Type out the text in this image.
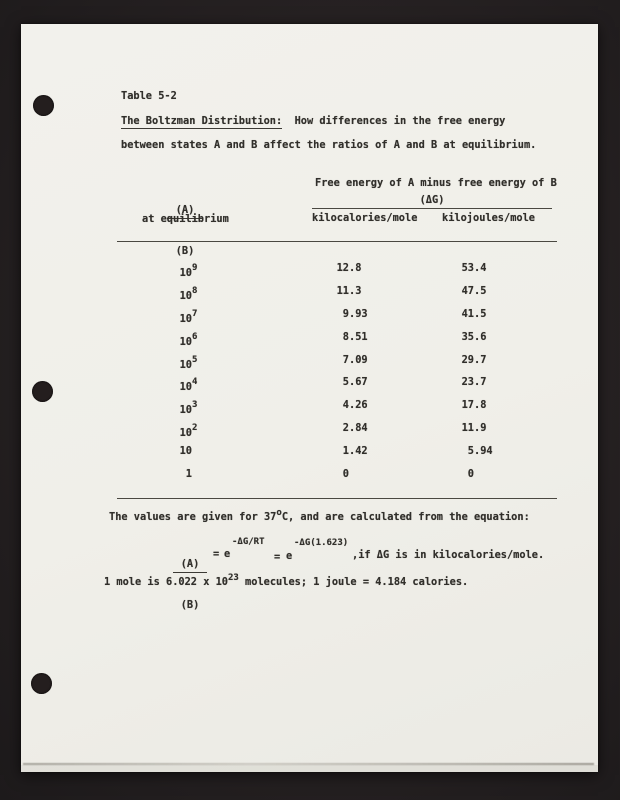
Table 5-2
The Boltzman Distribution:  How differences in the free energy
between states A and B affect the ratios of A and B at equilibrium.

$\frac{(A)}{(B)}$

at equilibrium
Free energy of A minus free energy of B
(ΔG)
kilocalories/mole kilojoules/mole
109	12.8	53.4
108	11.3	47.5
107	9.93	41.5
106	8.51	35.6
105	7.09	29.7
104	5.67	23.7
103	4.26	17.8
102	2.84	11.9
10	1.42	5.94
1	0	0
The values are given for 37oC, and are calculated from the equation:

$\frac{(A)}{(B)}$

= e
-ΔG/RT
= e
-ΔG(1.623)
,if ΔG is in kilocalories/mole.
1 mole is 6.022 x 1023 molecules; 1 joule = 4.184 calories.
